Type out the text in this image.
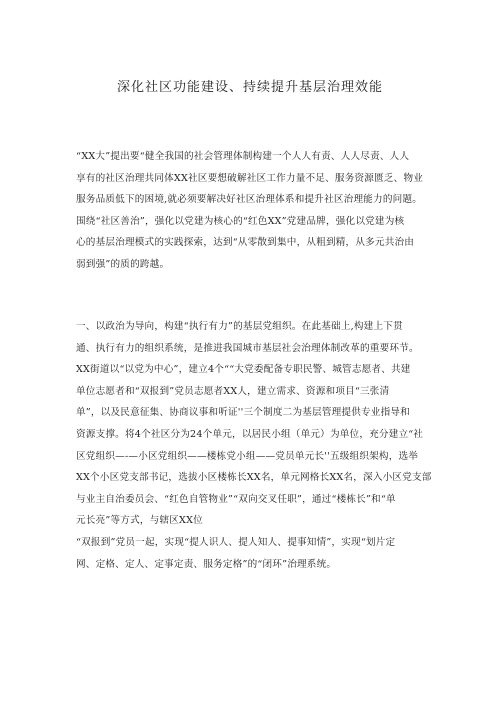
深化社区功能建设、持续提升基层治理效能
“XX大”提出要“健全我国的社会管理体制构建一个人人有责、人人尽责、人人
享有的社区治理共同体XX社区要想破解社区工作力量不足、服务资源匮乏、物业
服务品质低下的困境,就必须要解决好社区治理体系和提升社区治理能力的问题。
围绕“社区善治”，强化以党建为核心的“红色XX”党建品牌，强化以党建为核
心的基层治理模式的实践探索，达到“从零散到集中，从粗到精，从多元共治由
弱到强”的质的跨越。
一、以政治为导向，构建“执行有力”的基层党组织。在此基础上,构建上下贯
通、执行有力的组织系统，是推进我国城市基层社会治理体制改革的重要环节。
XX街道以“以党为中心”，建立4个““大党委配备专职民警、城管志愿者、共建
单位志愿者和“双报到”党员志愿者XX人，建立需求、资源和项目“三张清
单”，以及民意征集、协商议事和听证''三个制度二为基层管理提供专业指导和
资源支撑。将4个社区分为24个单元，以居民小组（单元）为单位，充分建立“社
区党组织—-—小区党组织——楼栋党小组——党员单元长''五级组织架构，选举
XX个小区党支部书记，选拔小区楼栋长XX名，单元网格长XX名，深入小区党支部
与业主自治委员会、“红色自管物业”“双向交叉任职”，通过“楼栋长”和“单
元长亮”等方式，与辖区XX位
“双报到”党员一起，实现“提人识人、提人知人、提事知情”，实现“划片定
网、定格、定人、定事定责、服务定格”的“闭环”治理系统。
